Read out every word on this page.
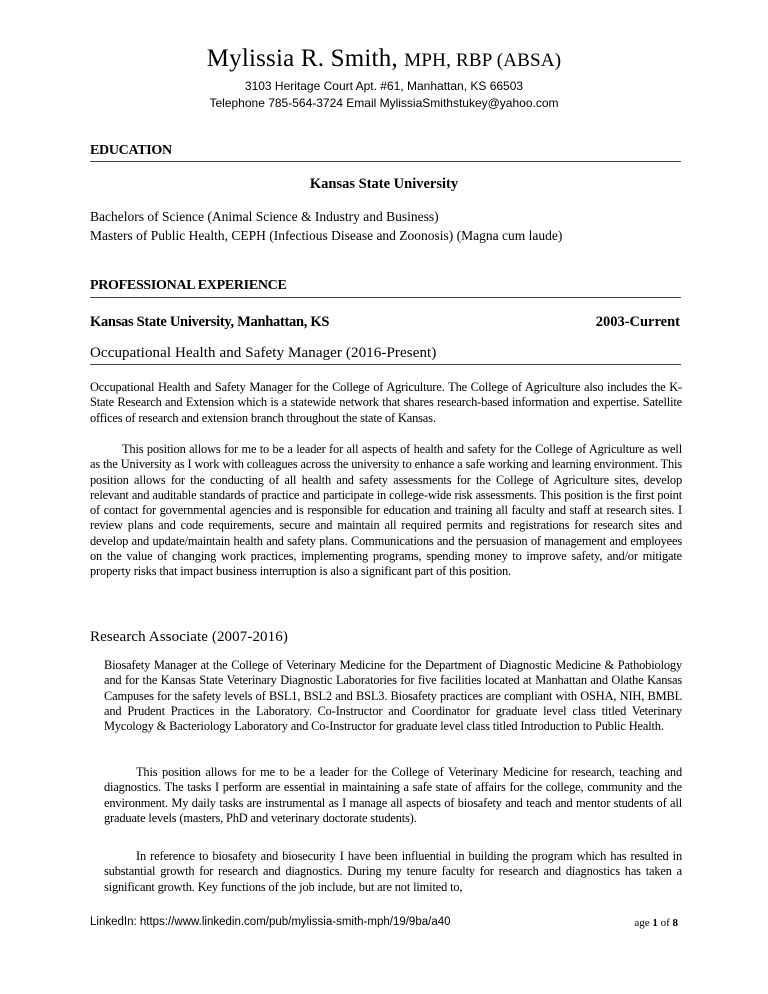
Mylissia R. Smith, MPH, RBP (ABSA)
3103 Heritage Court Apt. #61, Manhattan, KS 66503
Telephone 785-564-3724 Email MylissiaSmithstukey@yahoo.com
EDUCATION
Kansas State University
Bachelors of Science (Animal Science & Industry and Business)
Masters of Public Health, CEPH (Infectious Disease and Zoonosis) (Magna cum laude)
PROFESSIONAL EXPERIENCE
Kansas State University, Manhattan, KS	2003-Current
Occupational Health and Safety Manager (2016-Present)
Occupational Health and Safety Manager for the College of Agriculture. The College of Agriculture also includes the K-State Research and Extension which is a statewide network that shares research-based information and expertise. Satellite offices of research and extension branch throughout the state of Kansas.
This position allows for me to be a leader for all aspects of health and safety for the College of Agriculture as well as the University as I work with colleagues across the university to enhance a safe working and learning environment. This position allows for the conducting of all health and safety assessments for the College of Agriculture sites, develop relevant and auditable standards of practice and participate in college-wide risk assessments. This position is the first point of contact for governmental agencies and is responsible for education and training all faculty and staff at research sites. I review plans and code requirements, secure and maintain all required permits and registrations for research sites and develop and update/maintain health and safety plans. Communications and the persuasion of management and employees on the value of changing work practices, implementing programs, spending money to improve safety, and/or mitigate property risks that impact business interruption is also a significant part of this position.
Research Associate (2007-2016)
Biosafety Manager at the College of Veterinary Medicine for the Department of Diagnostic Medicine & Pathobiology and for the Kansas State Veterinary Diagnostic Laboratories for five facilities located at Manhattan and Olathe Kansas Campuses for the safety levels of BSL1, BSL2 and BSL3. Biosafety practices are compliant with OSHA, NIH, BMBL and Prudent Practices in the Laboratory. Co-Instructor and Coordinator for graduate level class titled Veterinary Mycology & Bacteriology Laboratory and Co-Instructor for graduate level class titled Introduction to Public Health.
This position allows for me to be a leader for the College of Veterinary Medicine for research, teaching and diagnostics. The tasks I perform are essential in maintaining a safe state of affairs for the college, community and the environment. My daily tasks are instrumental as I manage all aspects of biosafety and teach and mentor students of all graduate levels (masters, PhD and veterinary doctorate students).
In reference to biosafety and biosecurity I have been influential in building the program which has resulted in substantial growth for research and diagnostics. During my tenure faculty for research and diagnostics has taken a significant growth. Key functions of the job include, but are not limited to,
LinkedIn: https://www.linkedin.com/pub/mylissia-smith-mph/19/9ba/a40	age 1 of 8
